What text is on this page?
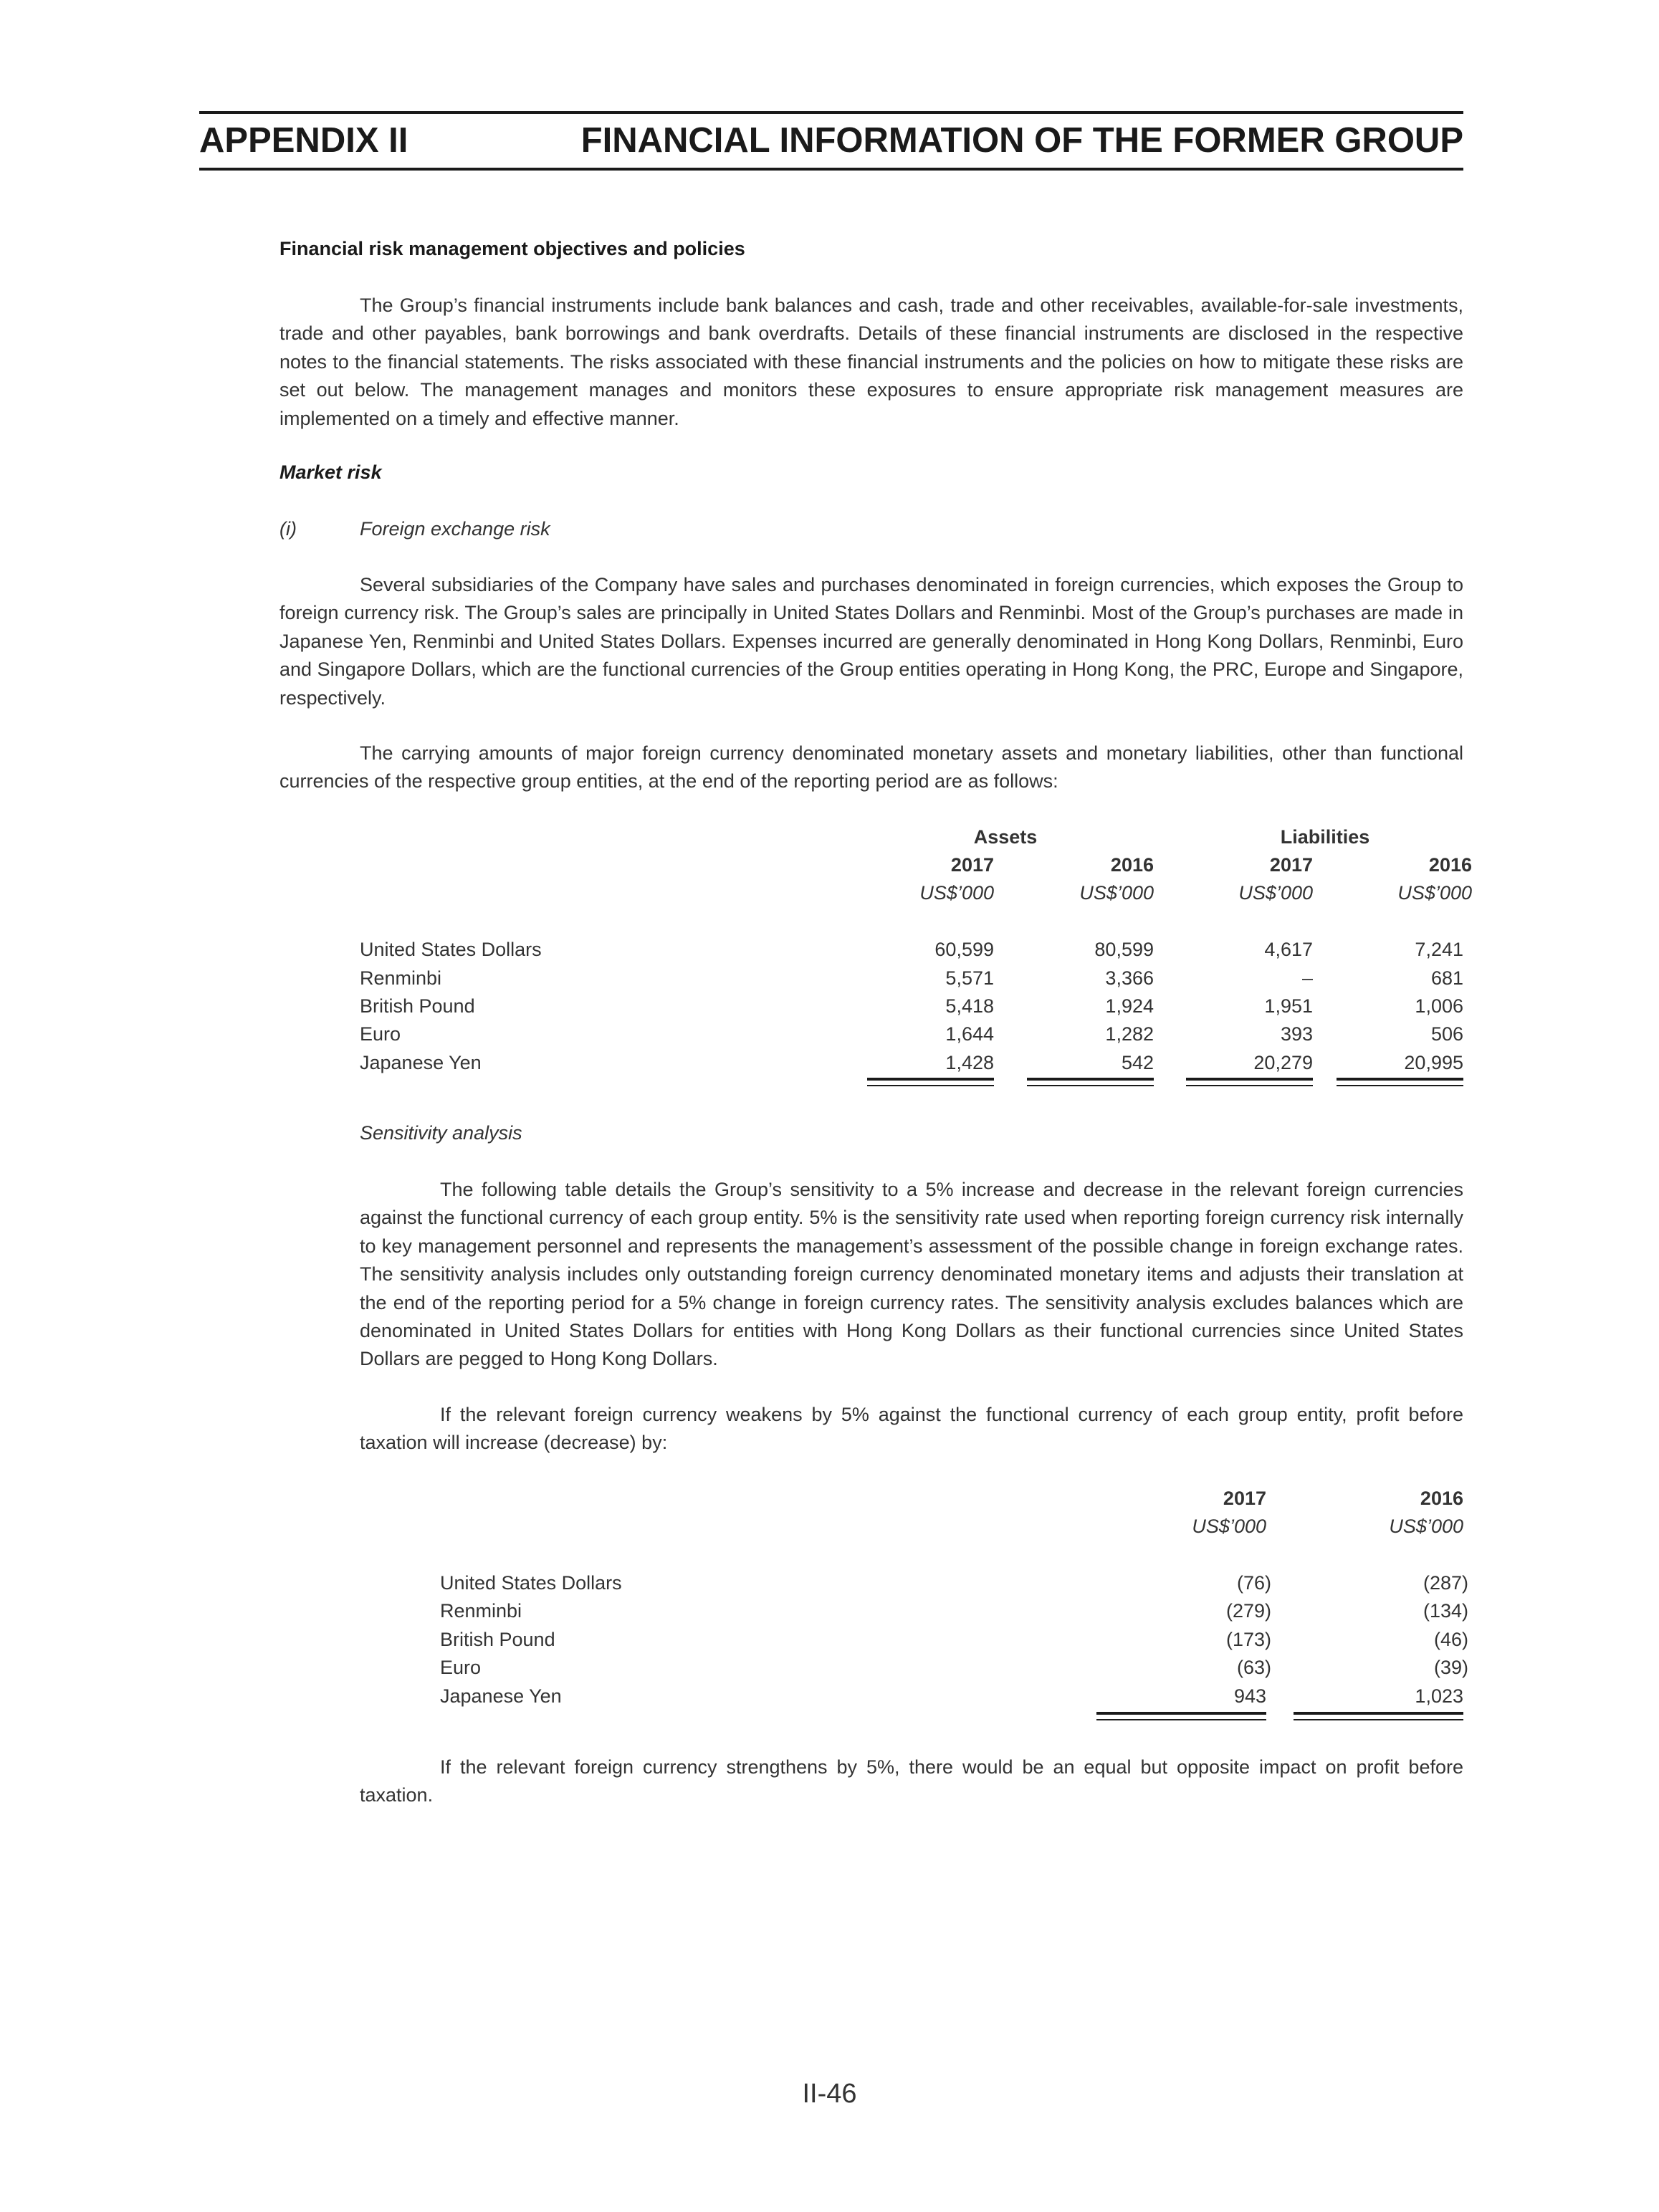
APPENDIX II	FINANCIAL INFORMATION OF THE FORMER GROUP
Financial risk management objectives and policies
The Group’s financial instruments include bank balances and cash, trade and other receivables, available-for-sale investments, trade and other payables, bank borrowings and bank overdrafts. Details of these financial instruments are disclosed in the respective notes to the financial statements. The risks associated with these financial instruments and the policies on how to mitigate these risks are set out below. The management manages and monitors these exposures to ensure appropriate risk management measures are implemented on a timely and effective manner.
Market risk
(i)	Foreign exchange risk
Several subsidiaries of the Company have sales and purchases denominated in foreign currencies, which exposes the Group to foreign currency risk. The Group’s sales are principally in United States Dollars and Renminbi. Most of the Group’s purchases are made in Japanese Yen, Renminbi and United States Dollars. Expenses incurred are generally denominated in Hong Kong Dollars, Renminbi, Euro and Singapore Dollars, which are the functional currencies of the Group entities operating in Hong Kong, the PRC, Europe and Singapore, respectively.
The carrying amounts of major foreign currency denominated monetary assets and monetary liabilities, other than functional currencies of the respective group entities, at the end of the reporting period are as follows:
Assets	Liabilities
2017	2016	2017	2016
US$’000	US$’000	US$’000	US$’000
United States Dollars	60,599	80,599	4,617	7,241
Renminbi	5,571	3,366	–	681
British Pound	5,418	1,924	1,951	1,006
Euro	1,644	1,282	393	506
Japanese Yen	1,428	542	20,279	20,995
Sensitivity analysis
The following table details the Group’s sensitivity to a 5% increase and decrease in the relevant foreign currencies against the functional currency of each group entity. 5% is the sensitivity rate used when reporting foreign currency risk internally to key management personnel and represents the management’s assessment of the possible change in foreign exchange rates. The sensitivity analysis includes only outstanding foreign currency denominated monetary items and adjusts their translation at the end of the reporting period for a 5% change in foreign currency rates. The sensitivity analysis excludes balances which are denominated in United States Dollars for entities with Hong Kong Dollars as their functional currencies since United States Dollars are pegged to Hong Kong Dollars.
If the relevant foreign currency weakens by 5% against the functional currency of each group entity, profit before taxation will increase (decrease) by:
2017	2016
US$’000	US$’000
United States Dollars	(76)	(287)
Renminbi	(279)	(134)
British Pound	(173)	(46)
Euro	(63)	(39)
Japanese Yen	943	1,023
If the relevant foreign currency strengthens by 5%, there would be an equal but opposite impact on profit before taxation.
II-46
